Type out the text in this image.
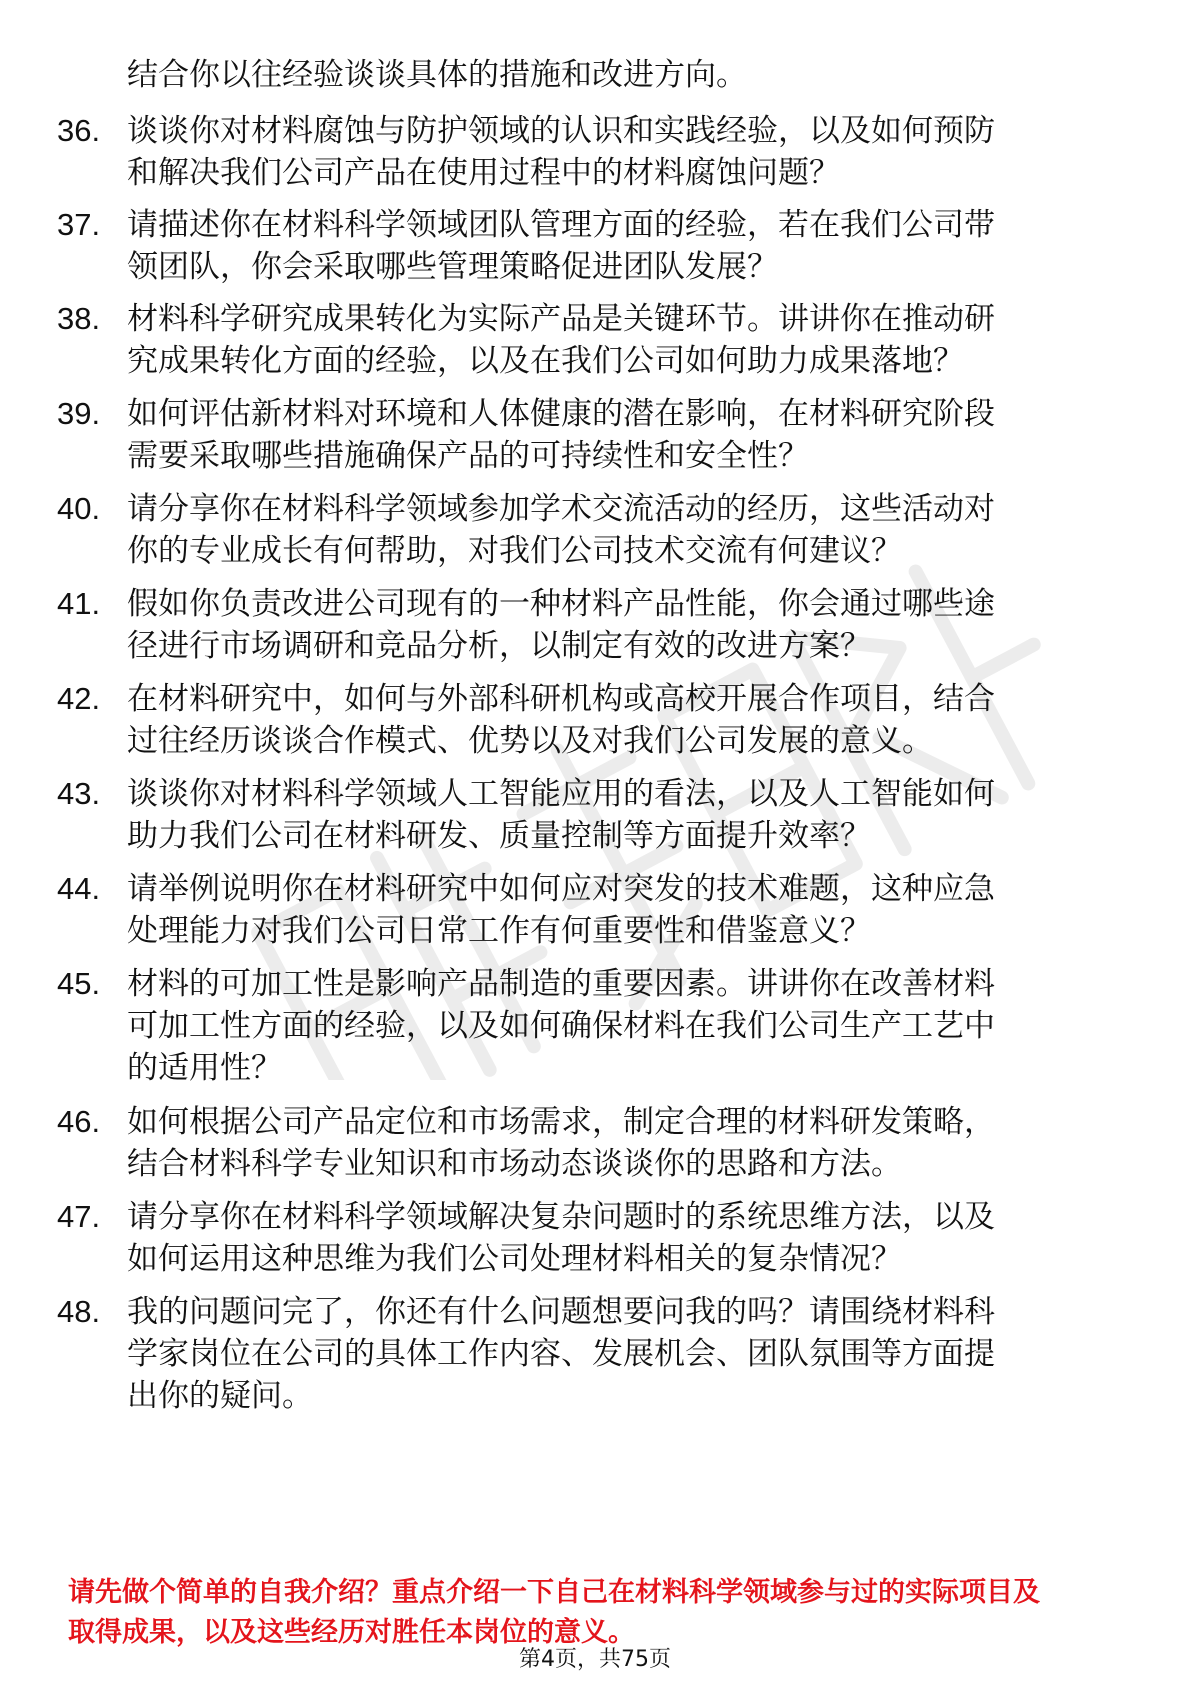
结合你以往经验谈谈具体的措施和改进方向。
36. 谈谈你对材料腐蚀与防护领域的认识和实践经验，以及如何预防
和解决我们公司产品在使用过程中的材料腐蚀问题？
37. 请描述你在材料科学领域团队管理方面的经验，若在我们公司带
领团队，你会采取哪些管理策略促进团队发展？
38. 材料科学研究成果转化为实际产品是关键环节。讲讲你在推动研
究成果转化方面的经验，以及在我们公司如何助力成果落地？
39. 如何评估新材料对环境和人体健康的潜在影响，在材料研究阶段
需要采取哪些措施确保产品的可持续性和安全性？
40. 请分享你在材料科学领域参加学术交流活动的经历，这些活动对
你的专业成长有何帮助，对我们公司技术交流有何建议？
41. 假如你负责改进公司现有的一种材料产品性能，你会通过哪些途
径进行市场调研和竞品分析，以制定有效的改进方案？
42. 在材料研究中，如何与外部科研机构或高校开展合作项目，结合
过往经历谈谈合作模式、优势以及对我们公司发展的意义。
43. 谈谈你对材料科学领域人工智能应用的看法，以及人工智能如何
助力我们公司在材料研发、质量控制等方面提升效率？
44. 请举例说明你在材料研究中如何应对突发的技术难题，这种应急
处理能力对我们公司日常工作有何重要性和借鉴意义？
45. 材料的可加工性是影响产品制造的重要因素。讲讲你在改善材料
可加工性方面的经验，以及如何确保材料在我们公司生产工艺中
的适用性？
46. 如何根据公司产品定位和市场需求，制定合理的材料研发策略，
结合材料科学专业知识和市场动态谈谈你的思路和方法。
47. 请分享你在材料科学领域解决复杂问题时的系统思维方法，以及
如何运用这种思维为我们公司处理材料相关的复杂情况？
48. 我的问题问完了，你还有什么问题想要问我的吗？请围绕材料科
学家岗位在公司的具体工作内容、发展机会、团队氛围等方面提
出你的疑问。
请先做个简单的自我介绍？重点介绍一下自己在材料科学领域参与过的实际项目及
取得成果，以及这些经历对胜任本岗位的意义。
第4页，共75页
